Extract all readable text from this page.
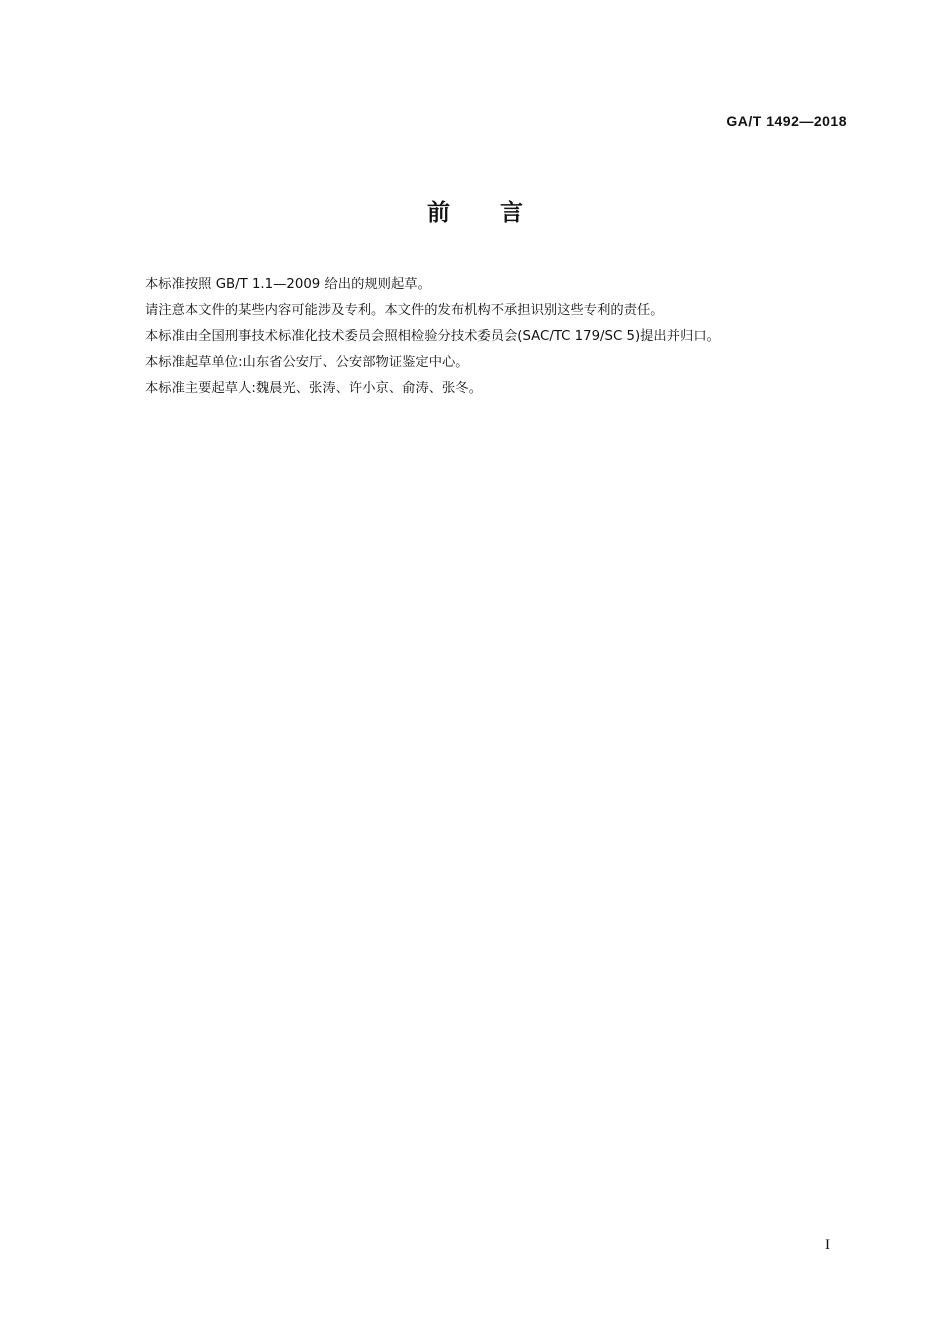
GA/T 1492—2018
前言

本标准按照 GB/T 1.1—2009 给出的规则起草。

请注意本文件的某些内容可能涉及专利。本文件的发布机构不承担识别这些专利的责任。

本标准由全国刑事技术标准化技术委员会照相检验分技术委员会(SAC/TC 179/SC 5)提出并归口。

本标准起草单位:山东省公安厅、公安部物证鉴定中心。

本标准主要起草人:魏晨光、张涛、许小京、俞涛、张冬。

I
